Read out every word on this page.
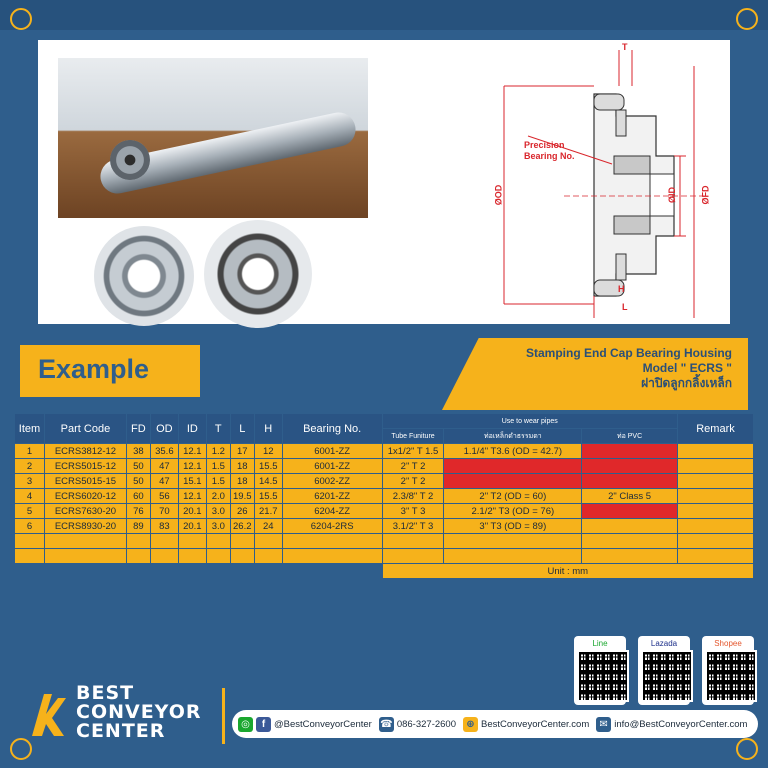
Precision
Bearing No.
T
ØOD	ØID	ØFD
H
L
Example
Stamping End Cap Bearing Housing
Model " ECRS "
ฝาปิดลูกกลิ้งเหล็ก
Item	Part Code	FD	OD	ID	T	L	H	Bearing No.	Use to wear pipes			Remark
									Tube Funiture	ท่อเหล็กดำธรรมดา	ท่อ PVC	
1	ECRS3812-12	38	35.6	12.1	1.2	17	12	6001-ZZ	1x1/2" T 1.5	1.1/4" T3.6 (OD = 42.7)		
2	ECRS5015-12	50	47	12.1	1.5	18	15.5	6001-ZZ	2" T 2			
3	ECRS5015-15	50	47	15.1	1.5	18	14.5	6002-ZZ	2" T 2			
4	ECRS6020-12	60	56	12.1	2.0	19.5	15.5	6201-ZZ	2.3/8" T 2	2" T2 (OD = 60)	2" Class 5	
5	ECRS7630-20	76	70	20.1	3.0	26	21.7	6204-ZZ	3" T 3	2.1/2" T3 (OD = 76)		
6	ECRS8930-20	89	83	20.1	3.0	26.2	24	6204-2RS	3.1/2" T 3	3" T3 (OD = 89)		

									Unit : mm			
Line	Lazada	Shopee
BEST
CONVEYOR
CENTER	◎	f @BestConveyorCenter ☎ 086-327-2600	⊕ BestConveyorCenter.com	✉ info@BestConveyorCenter.com
